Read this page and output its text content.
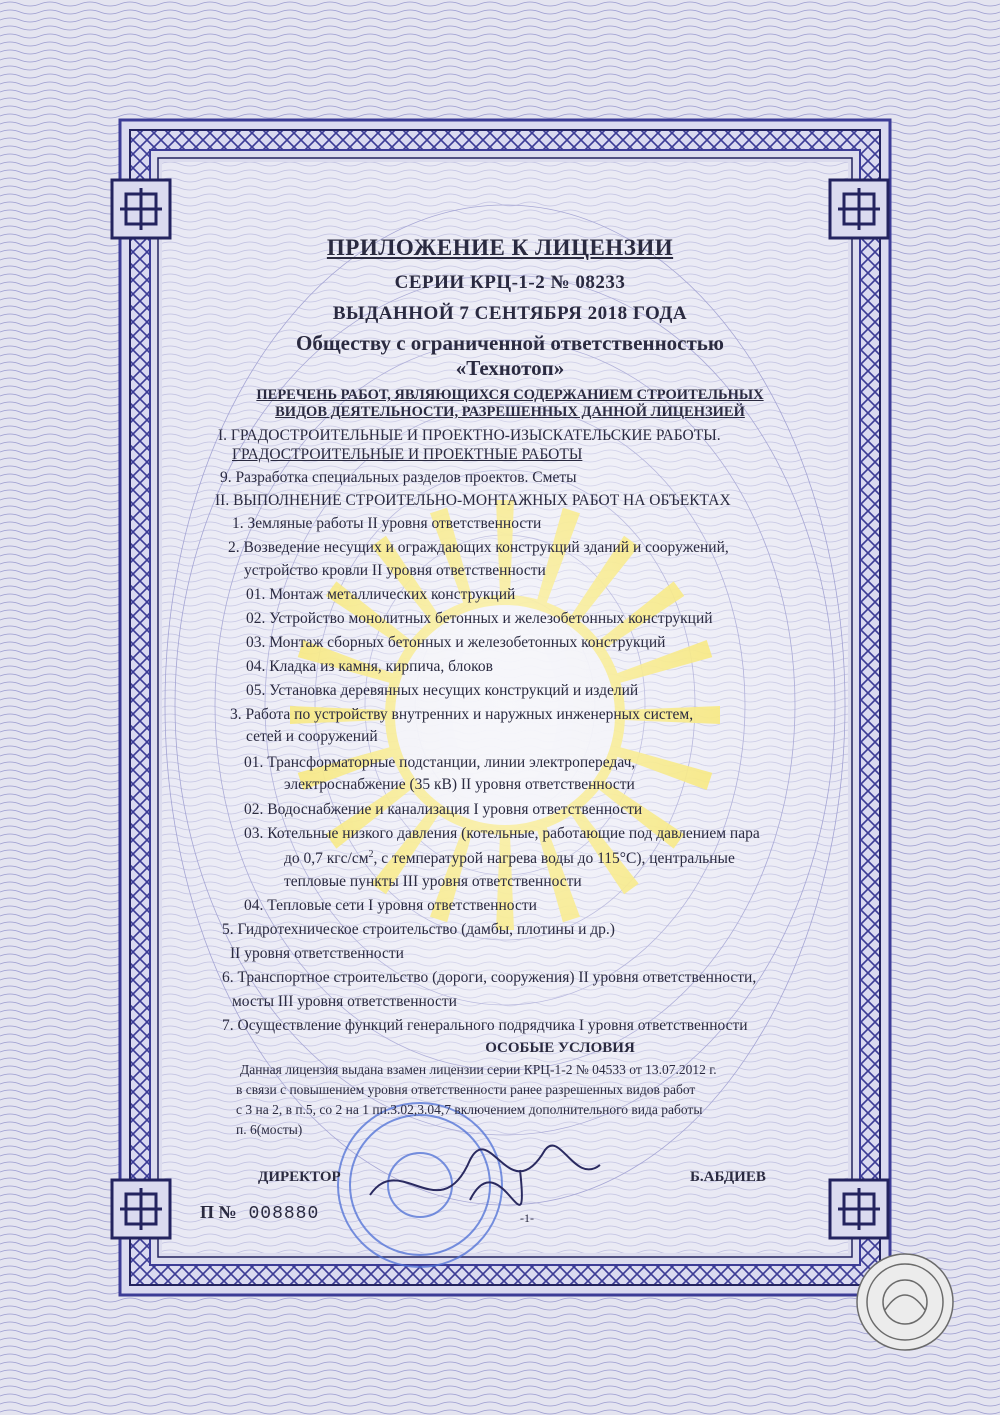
ПРИЛОЖЕНИЕ К ЛИЦЕНЗИИ
СЕРИИ КРЦ-1-2 № 08233
ВЫДАННОЙ 7 СЕНТЯБРЯ 2018 ГОДА
Обществу с ограниченной ответственностью
«Технотоп»
ПЕРЕЧЕНЬ РАБОТ, ЯВЛЯЮЩИХСЯ СОДЕРЖАНИЕМ СТРОИТЕЛЬНЫХ
ВИДОВ ДЕЯТЕЛЬНОСТИ, РАЗРЕШЕННЫХ ДАННОЙ ЛИЦЕНЗИЕЙ
I. ГРАДОСТРОИТЕЛЬНЫЕ И ПРОЕКТНО-ИЗЫСКАТЕЛЬСКИЕ РАБОТЫ.
ГРАДОСТРОИТЕЛЬНЫЕ И ПРОЕКТНЫЕ РАБОТЫ
9. Разработка специальных разделов проектов. Сметы
II. ВЫПОЛНЕНИЕ СТРОИТЕЛЬНО-МОНТАЖНЫХ РАБОТ НА ОБЪЕКТАХ
1. Земляные работы II уровня ответственности
2. Возведение несущих и ограждающих конструкций зданий и сооружений,
устройство кровли II уровня ответственности
01. Монтаж металлических конструкций
02. Устройство монолитных бетонных и железобетонных конструкций
03. Монтаж сборных бетонных и железобетонных конструкций
04. Кладка из камня, кирпича, блоков
05. Установка деревянных несущих конструкций и изделий
3. Работа по устройству внутренних и наружных инженерных систем,
сетей и сооружений
01. Трансформаторные подстанции, линии электропередач,
электроснабжение (35 кВ) II уровня ответственности
02. Водоснабжение и канализация I уровня ответственности
03. Котельные низкого давления (котельные, работающие под давлением пара
до 0,7 кгс/$см^2$, с температурой нагрева воды до 115°С), центральные
тепловые пункты III уровня ответственности
04. Тепловые сети I уровня ответственности
5. Гидротехническое строительство (дамбы, плотины и др.)
II уровня ответственности
6. Транспортное строительство (дороги, сооружения) II уровня ответственности,
мосты III уровня ответственности
7. Осуществление функций генерального подрядчика I уровня ответственности
ОСОБЫЕ УСЛОВИЯ
Данная лицензия выдана взамен лицензии серии КРЦ-1-2 № 04533 от 13.07.2012 г.
в связи с повышением уровня ответственности ранее разрешенных видов работ
с 3 на 2, в п.5, со 2 на 1 пп.3.02,3.04,7 включением дополнительного вида работы
п. 6(мосты)
ДИРЕКТОР	Б.АБДИЕВ
П № 008880	-1-
